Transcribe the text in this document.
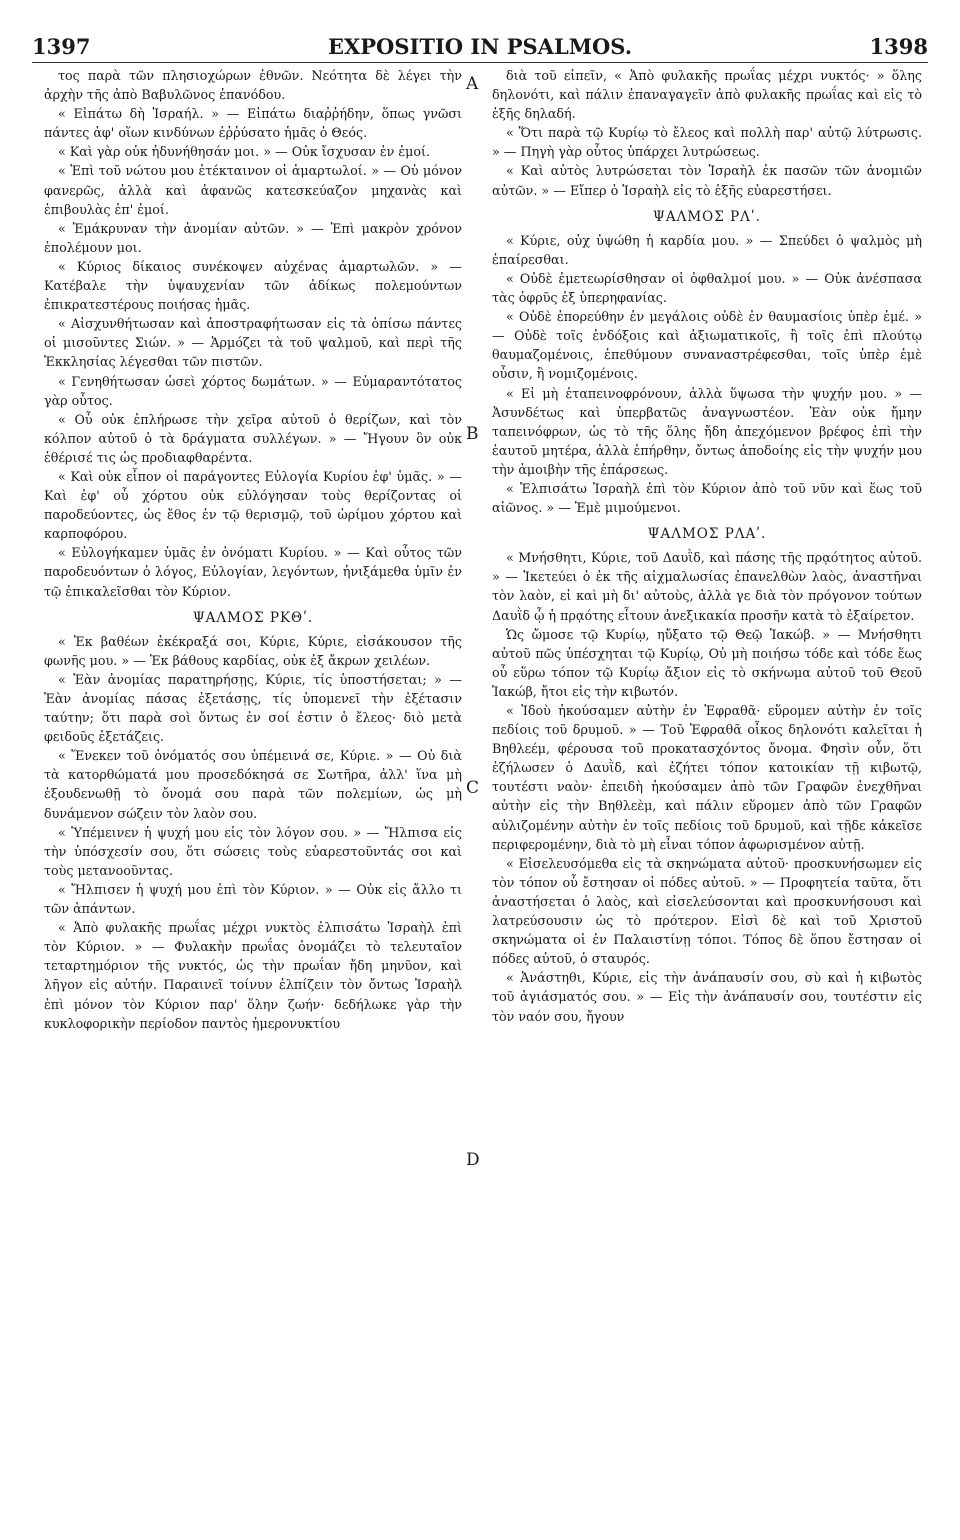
1397	EXPOSITIO IN PSALMOS.	1398

τος παρὰ τῶν πλησιοχώρων ἐθνῶν. Νεότητα δὲ λέγει τὴν ἀρχὴν τῆς ἀπὸ Βαβυλῶνος ἐπανόδου.

« Εἰπάτω δὴ Ἰσραήλ. » — Εἰπάτω διαῤῥήδην, ὅπως γνῶσι πάντες ἀφ' οἵων κινδύνων ἐῤῥύσατο ἡμᾶς ὁ Θεός.

« Καὶ γὰρ οὐκ ἠδυνήθησάν μοι. » — Οὐκ ἴσχυσαν ἐν ἐμοί.

« Ἐπὶ τοῦ νώτου μου ἐτέκταινον οἱ ἁμαρτωλοί. » — Οὐ μόνον φανερῶς, ἀλλὰ καὶ ἀφανῶς κατεσκεύαζον μηχανὰς καὶ ἐπιβουλὰς ἐπ' ἐμοί.

« Ἐμάκρυναν τὴν ἀνομίαν αὐτῶν. » — Ἐπὶ μακρὸν χρόνον ἐπολέμουν μοι.

« Κύριος δίκαιος συνέκοψεν αὐχένας ἁμαρτωλῶν. » — Κατέβαλε τὴν ὑψαυχενίαν τῶν ἀδίκως πολεμούντων ἐπικρατεστέρους ποιήσας ἡμᾶς.

« Αἰσχυνθήτωσαν καὶ ἀποστραφήτωσαν εἰς τὰ ὀπίσω πάντες οἱ μισοῦντες Σιών. » — Ἁρμόζει τὰ τοῦ ψαλμοῦ, καὶ περὶ τῆς Ἐκκλησίας λέγεσθαι τῶν πιστῶν.

« Γενηθήτωσαν ὡσεὶ χόρτος δωμάτων. » — Εὐμαραντότατος γὰρ οὗτος.

« Οὗ οὐκ ἐπλήρωσε τὴν χεῖρα αὐτοῦ ὁ θερίζων, καὶ τὸν κόλπον αὐτοῦ ὁ τὰ δράγματα συλλέγων. » — Ἤγουν ὃν οὐκ ἐθέρισέ τις ὡς προδιαφθαρέντα.

« Καὶ οὐκ εἶπον οἱ παράγοντες Εὐλογία Κυρίου ἐφ' ὑμᾶς. » — Καὶ ἐφ' οὗ χόρτου οὐκ εὐλόγησαν τοὺς θερίζοντας οἱ παροδεύοντες, ὡς ἔθος ἐν τῷ θερισμῷ, τοῦ ὡρίμου χόρτου καὶ καρποφόρου.

« Εὐλογήκαμεν ὑμᾶς ἐν ὀνόματι Κυρίου. » — Καὶ οὗτος τῶν παροδευόντων ὁ λόγος, Εὐλογίαν, λεγόντων, ἠνιξάμεθα ὑμῖν ἐν τῷ ἐπικαλεῖσθαι τὸν Κύριον.

ΨΑΛΜΟΣ ΡΚΘʹ.

« Ἐκ βαθέων ἐκέκραξά σοι, Κύριε, Κύριε, εἰσάκουσον τῆς φωνῆς μου. » — Ἐκ βάθους καρδίας, οὐκ ἐξ ἄκρων χειλέων.

« Ἐὰν ἀνομίας παρατηρήσῃς, Κύριε, τίς ὑποστήσεται; » — Ἐὰν ἀνομίας πάσας ἐξετάσῃς, τίς ὑπομενεῖ τὴν ἐξέτασιν ταύτην; ὅτι παρὰ σοὶ ὄντως ἐν σοί ἐστιν ὁ ἔλεος· διὸ μετὰ φειδοῦς ἐξετάζεις.

« Ἕνεκεν τοῦ ὀνόματός σου ὑπέμεινά σε, Κύριε. » — Οὐ διὰ τὰ κατορθώματά μου προσεδόκησά σε Σωτῆρα, ἀλλ' ἵνα μὴ ἐξουδενωθῇ τὸ ὄνομά σου παρὰ τῶν πολεμίων, ὡς μὴ δυνάμενον σώζειν τὸν λαὸν σου.

« Ὑπέμεινεν ἡ ψυχή μου εἰς τὸν λόγον σου. » — Ἤλπισα εἰς τὴν ὑπόσχεσίν σου, ὅτι σώσεις τοὺς εὐαρεστοῦντάς σοι καὶ τοὺς μετανοοῦντας.

« Ἤλπισεν ἡ ψυχή μου ἐπὶ τὸν Κύριον. » — Οὐκ εἰς ἄλλο τι τῶν ἁπάντων.

« Ἀπὸ φυλακῆς πρωΐας μέχρι νυκτὸς ἐλπισάτω Ἰσραὴλ ἐπὶ τὸν Κύριον. » — Φυλακὴν πρωΐας ὀνομάζει τὸ τελευταῖον τεταρτημόριον τῆς νυκτός, ὡς τὴν πρωΐαν ἤδη μηνῦον, καὶ λῆγον εἰς αὐτήν. Παραινεῖ τοίνυν ἐλπίζειν τὸν ὄντως Ἰσραὴλ ἐπὶ μόνον τὸν Κύριον παρ' ὅλην ζωήν· δεδήλωκε γὰρ τὴν κυκλοφορικὴν περίοδον παντὸς ἡμερονυκτίου

διὰ τοῦ εἰπεῖν, « Ἀπὸ φυλακῆς πρωΐας μέχρι νυκτός· » ὅλης δηλονότι, καὶ πάλιν ἐπαναγαγεῖν ἀπὸ φυλακῆς πρωΐας καὶ εἰς τὸ ἑξῆς δηλαδή.

« Ὅτι παρὰ τῷ Κυρίῳ τὸ ἔλεος καὶ πολλὴ παρ' αὐτῷ λύτρωσις. » — Πηγὴ γὰρ οὗτος ὑπάρχει λυτρώσεως.

« Καὶ αὐτὸς λυτρώσεται τὸν Ἰσραὴλ ἐκ πασῶν τῶν ἀνομιῶν αὐτῶν. » — Εἴπερ ὁ Ἰσραὴλ εἰς τὸ ἑξῆς εὐαρεστήσει.

ΨΑΛΜΟΣ ΡΛʹ.

« Κύριε, οὐχ ὑψώθη ἡ καρδία μου. » — Σπεύδει ὁ ψαλμὸς μὴ ἐπαίρεσθαι.

« Οὐδὲ ἐμετεωρίσθησαν οἱ ὀφθαλμοί μου. » — Οὐκ ἀνέσπασα τὰς ὀφρῦς ἐξ ὑπερηφανίας.

« Οὐδὲ ἐπορεύθην ἐν μεγάλοις οὐδὲ ἐν θαυμασίοις ὑπὲρ ἐμέ. » — Οὐδὲ τοῖς ἐνδόξοις καὶ ἀξιωματικοῖς, ἢ τοῖς ἐπὶ πλούτῳ θαυμαζομένοις, ἐπεθύμουν συναναστρέφεσθαι, τοῖς ὑπὲρ ἐμὲ οὖσιν, ἢ νομιζομένοις.

« Εἰ μὴ ἐταπεινοφρόνουν, ἀλλὰ ὕψωσα τὴν ψυχήν μου. » — Ἀσυνδέτως καὶ ὑπερβατῶς ἀναγνωστέον. Ἐὰν οὐκ ἤμην ταπεινόφρων, ὡς τὸ τῆς ὅλης ἤδη ἀπεχόμενον βρέφος ἐπὶ τὴν ἑαυτοῦ μητέρα, ἀλλὰ ἐπήρθην, ὄντως ἀποδοίης εἰς τὴν ψυχήν μου τὴν ἀμοιβὴν τῆς ἐπάρσεως.

« Ἐλπισάτω Ἰσραὴλ ἐπὶ τὸν Κύριον ἀπὸ τοῦ νῦν καὶ ἕως τοῦ αἰῶνος. » — Ἐμὲ μιμούμενοι.

ΨΑΛΜΟΣ ΡΛΑʹ.

« Μνήσθητι, Κύριε, τοῦ Δαυῒδ, καὶ πάσης τῆς πρᾳότητος αὐτοῦ. » — Ἱκετεύει ὁ ἐκ τῆς αἰχμαλωσίας ἐπανελθὼν λαὸς, ἀναστῆναι τὸν λαὸν, εἰ καὶ μὴ δι' αὐτοὺς, ἀλλὰ γε διὰ τὸν πρόγονον τούτων Δαυῒδ ᾧ ἡ πρᾳότης εἶτουν ἀνεξικακία προσῆν κατὰ τὸ ἐξαίρετον.

Ὡς ὤμοσε τῷ Κυρίῳ, ηὔξατο τῷ Θεῷ Ἰακώβ. » — Μνήσθητι αὐτοῦ πῶς ὑπέσχηται τῷ Κυρίῳ, Οὐ μὴ ποιήσω τόδε καὶ τόδε ἕως οὗ εὕρω τόπον τῷ Κυρίῳ ἄξιον εἰς τὸ σκήνωμα αὐτοῦ τοῦ Θεοῦ Ἰακώβ, ἤτοι εἰς τὴν κιβωτόν.

« Ἰδοὺ ἠκούσαμεν αὐτὴν ἐν Ἐφραθᾶ· εὕρομεν αὐτὴν ἐν τοῖς πεδίοις τοῦ δρυμοῦ. » — Τοῦ Ἐφραθᾶ οἶκος δηλονότι καλεῖται ἡ Βηθλεέμ, φέρουσα τοῦ προκατασχόντος ὄνομα. Φησὶν οὖν, ὅτι ἐζήλωσεν ὁ Δαυῒδ, καὶ ἐζήτει τόπον κατοικίαν τῇ κιβωτῷ, τουτέστι ναὸν· ἐπειδὴ ἠκούσαμεν ἀπὸ τῶν Γραφῶν ἐνεχθῆναι αὐτὴν εἰς τὴν Βηθλεὲμ, καὶ πάλιν εὕρομεν ἀπὸ τῶν Γραφῶν αὐλιζομένην αὐτὴν ἐν τοῖς πεδίοις τοῦ δρυμοῦ, καὶ τῇδε κἀκεῖσε περιφερομένην, διὰ τὸ μὴ εἶναι τόπον ἀφωρισμένον αὐτῇ.

« Εἰσελευσόμεθα εἰς τὰ σκηνώματα αὐτοῦ· προσκυνήσωμεν εἰς τὸν τόπον οὗ ἔστησαν οἱ πόδες αὐτοῦ. » — Προφητεία ταῦτα, ὅτι ἀναστήσεται ὁ λαὸς, καὶ εἰσελεύσονται καὶ προσκυνήσουσι καὶ λατρεύσουσιν ὡς τὸ πρότερον. Εἰσὶ δὲ καὶ τοῦ Χριστοῦ σκηνώματα οἱ ἐν Παλαιστίνῃ τόποι. Τόπος δὲ ὅπου ἔστησαν οἱ πόδες αὐτοῦ, ὁ σταυρός.

« Ἀνάστηθι, Κύριε, εἰς τὴν ἀνάπαυσίν σου, σὺ καὶ ἡ κιβωτὸς τοῦ ἁγιάσματός σου. » — Εἰς τὴν ἀνάπαυσίν σου, τουτέστιν εἰς τὸν ναόν σου, ἤγουν

A
B
C
D
